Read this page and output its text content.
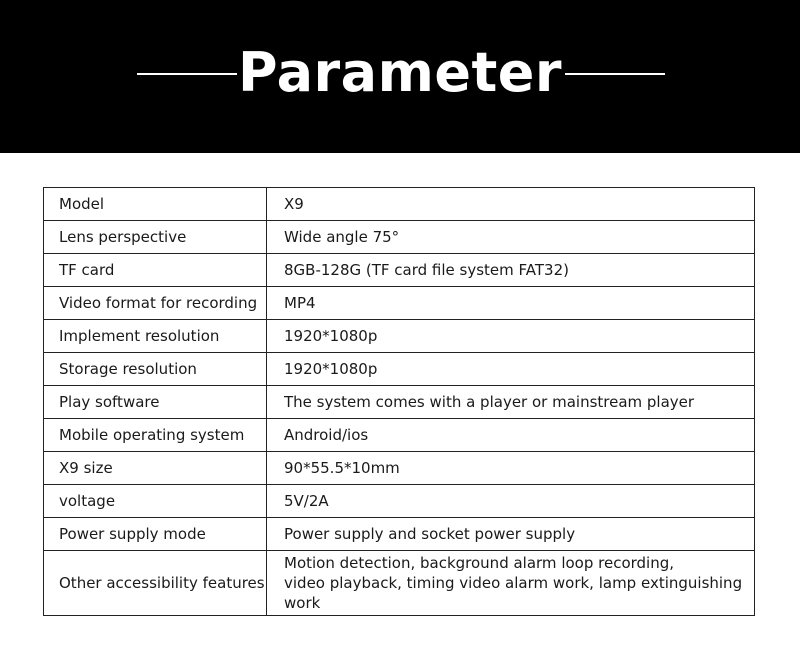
Parameter
Model	X9
Lens perspective	Wide angle 75°
TF card	8GB-128G (TF card file system FAT32)
Video format for recording	MP4
Implement resolution	1920*1080p
Storage resolution	1920*1080p
Play software	The system comes with a player or mainstream player
Mobile operating system	Android/ios
X9 size	90*55.5*10mm
voltage	5V/2A
Power supply mode	Power supply and socket power supply
Other accessibility features	Motion detection, background alarm loop recording,
video playback, timing video alarm work, lamp extinguishing work
